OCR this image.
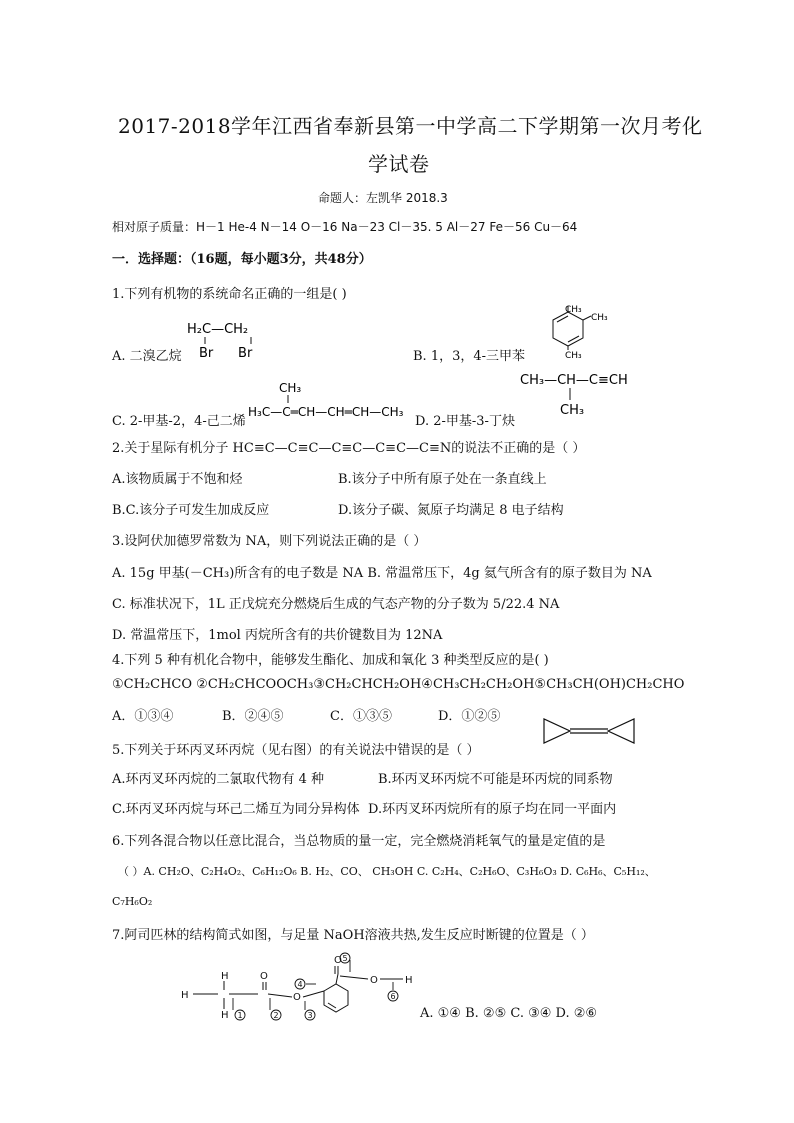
2017-2018学年江西省奉新县第一中学高二下学期第一次月考化
学试卷
命题人：左凯华 2018.3
相对原子质量：H－1 He-4 N－14 O－16 Na－23 Cl－35. 5 Al－27 Fe－56 Cu－64
一．选择题：（16题，每小题3分，共48分）
1.下列有机物的系统命名正确的一组是( )
H₂C—CH₂
Br      Br
A. 二溴乙烷
CH₃
CH₃
CH₃
B. 1，3，4-三甲苯
CH₃
H₃C—C═CH—CH═CH—CH₃
C. 2-甲基-2，4-己二烯
CH₃—CH—C≡CH
CH₃
D. 2-甲基-3-丁炔
2.关于星际有机分子 HC≡C—C≡C—C≡C—C≡C—C≡N的说法不正确的是（ ）
A.该物质属于不饱和烃	B.该分子中所有原子处在一条直线上
B.C.该分子可发生加成反应	D.该分子碳、氮原子均满足 8 电子结构
3.设阿伏加德罗常数为 NA，则下列说法正确的是（ ）
A. 15g 甲基(－CH₃)所含有的电子数是 NA B. 常温常压下，4g 氦气所含有的原子数目为 NA
C. 标准状况下，1L 正戊烷充分燃烧后生成的气态产物的分子数为 5/22.4 NA
D. 常温常压下，1mol 丙烷所含有的共价键数目为 12NA
4.下列 5 种有机化合物中，能够发生酯化、加成和氧化 3 种类型反应的是( )
①CH₂CHCO ②CH₂CHCOOCH₃③CH₂CHCH₂OH④CH₃CH₂CH₂OH⑤CH₃CH(OH)CH₂CHO
A．①③④	B．②④⑤	C．①③⑤	D．①②⑤
5.下列关于环丙叉环丙烷（见右图）的有关说法中错误的是（ ）
A.环丙叉环丙烷的二氯取代物有 4 种	B.环丙叉环丙烷不可能是环丙烷的同系物
C.环丙叉环丙烷与环己二烯互为同分异构体 D.环丙叉环丙烷所有的原子均在同一平面内
6.下列各混合物以任意比混合，当总物质的量一定，完全燃烧消耗氧气的量是定值的是
（ ）A. CH₂O、C₂H₄O₂、C₆H₁₂O₆ B. H₂、CO、 CH₃OH C. C₂H₄、C₂H₆O、C₃H₆O₃ D. C₆H₆、C₅H₁₂、
C₇H₆O₂
7.阿司匹林的结构简式如图，与足量 NaOH溶液共热,发生反应时断键的位置是（ ）
H
H
H
O
O
O
O	H
1	2	3
4
5
6
A. ①④ B. ②⑤ C. ③④ D. ②⑥
